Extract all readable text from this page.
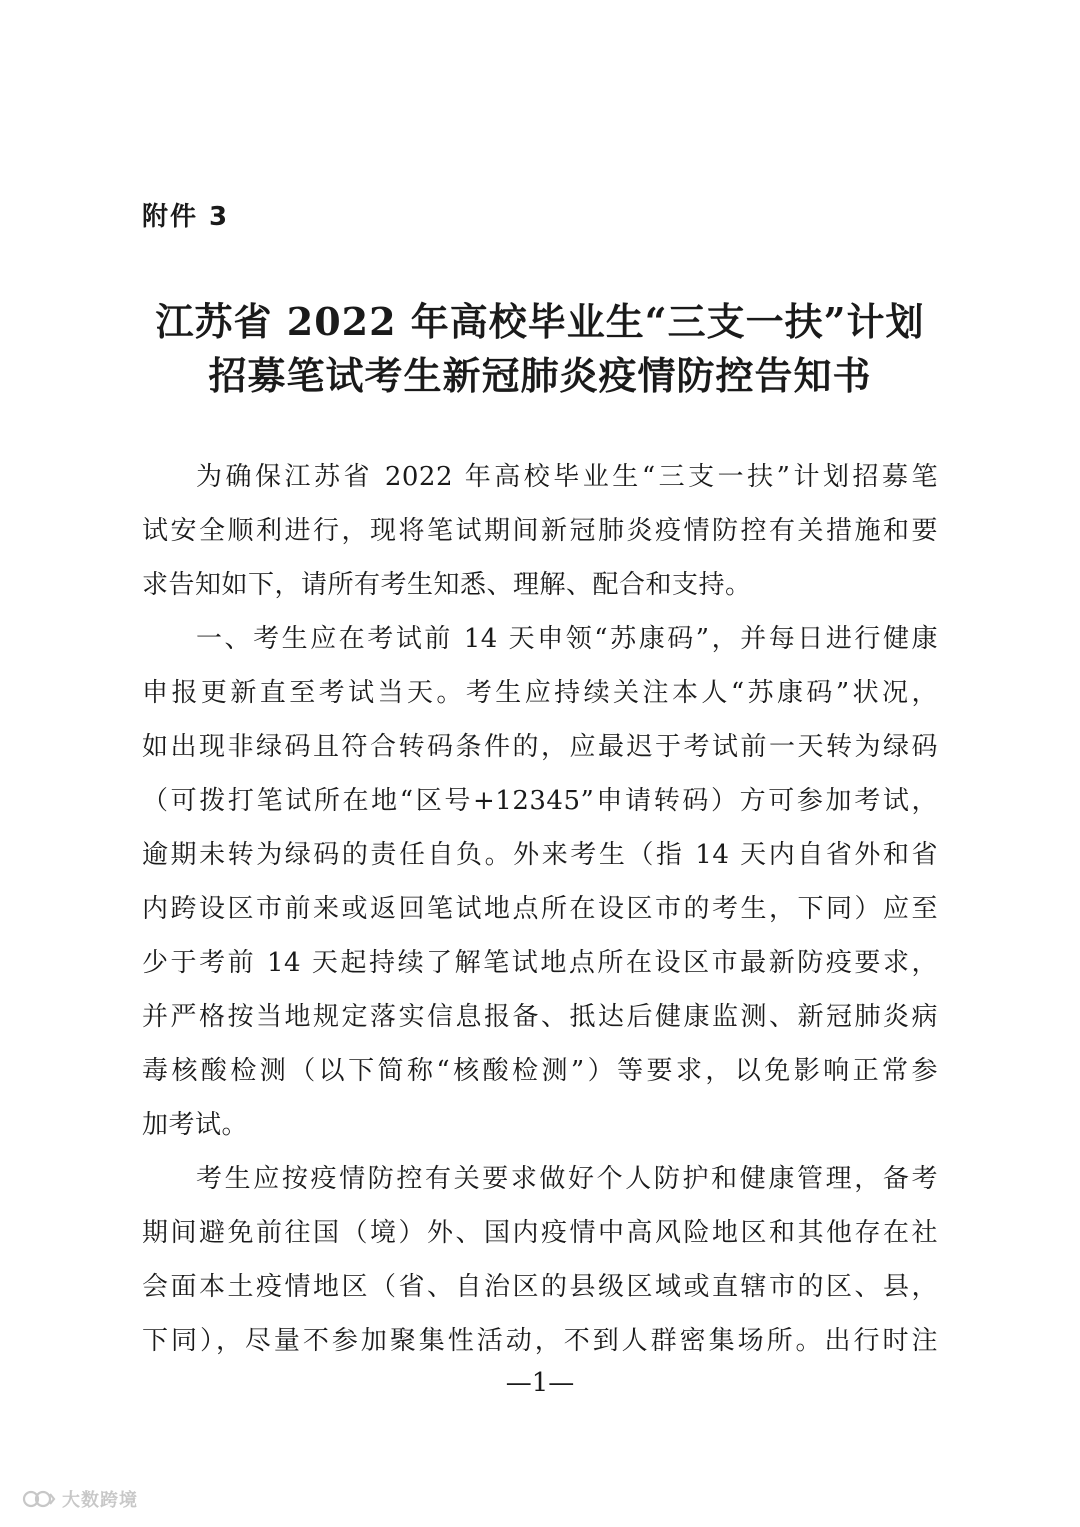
附件 3
江苏省 2022 年高校毕业生“三支一扶”计划
招募笔试考生新冠肺炎疫情防控告知书
为确保江苏省 2022 年高校毕业生“三支一扶”计划招募笔
试安全顺利进行，现将笔试期间新冠肺炎疫情防控有关措施和要
求告知如下，请所有考生知悉、理解、配合和支持。
一、考生应在考试前 14 天申领“苏康码”，并每日进行健康
申报更新直至考试当天。考生应持续关注本人“苏康码”状况，
如出现非绿码且符合转码条件的，应最迟于考试前一天转为绿码
（可拨打笔试所在地“区号+12345”申请转码）方可参加考试，
逾期未转为绿码的责任自负。外来考生（指 14 天内自省外和省
内跨设区市前来或返回笔试地点所在设区市的考生，下同）应至
少于考前 14 天起持续了解笔试地点所在设区市最新防疫要求，
并严格按当地规定落实信息报备、抵达后健康监测、新冠肺炎病
毒核酸检测（以下简称“核酸检测”）等要求，以免影响正常参
加考试。
考生应按疫情防控有关要求做好个人防护和健康管理，备考
期间避免前往国（境）外、国内疫情中高风险地区和其他存在社
会面本土疫情地区（省、自治区的县级区域或直辖市的区、县，
下同），尽量不参加聚集性活动，不到人群密集场所。出行时注
—1—
大数跨境
